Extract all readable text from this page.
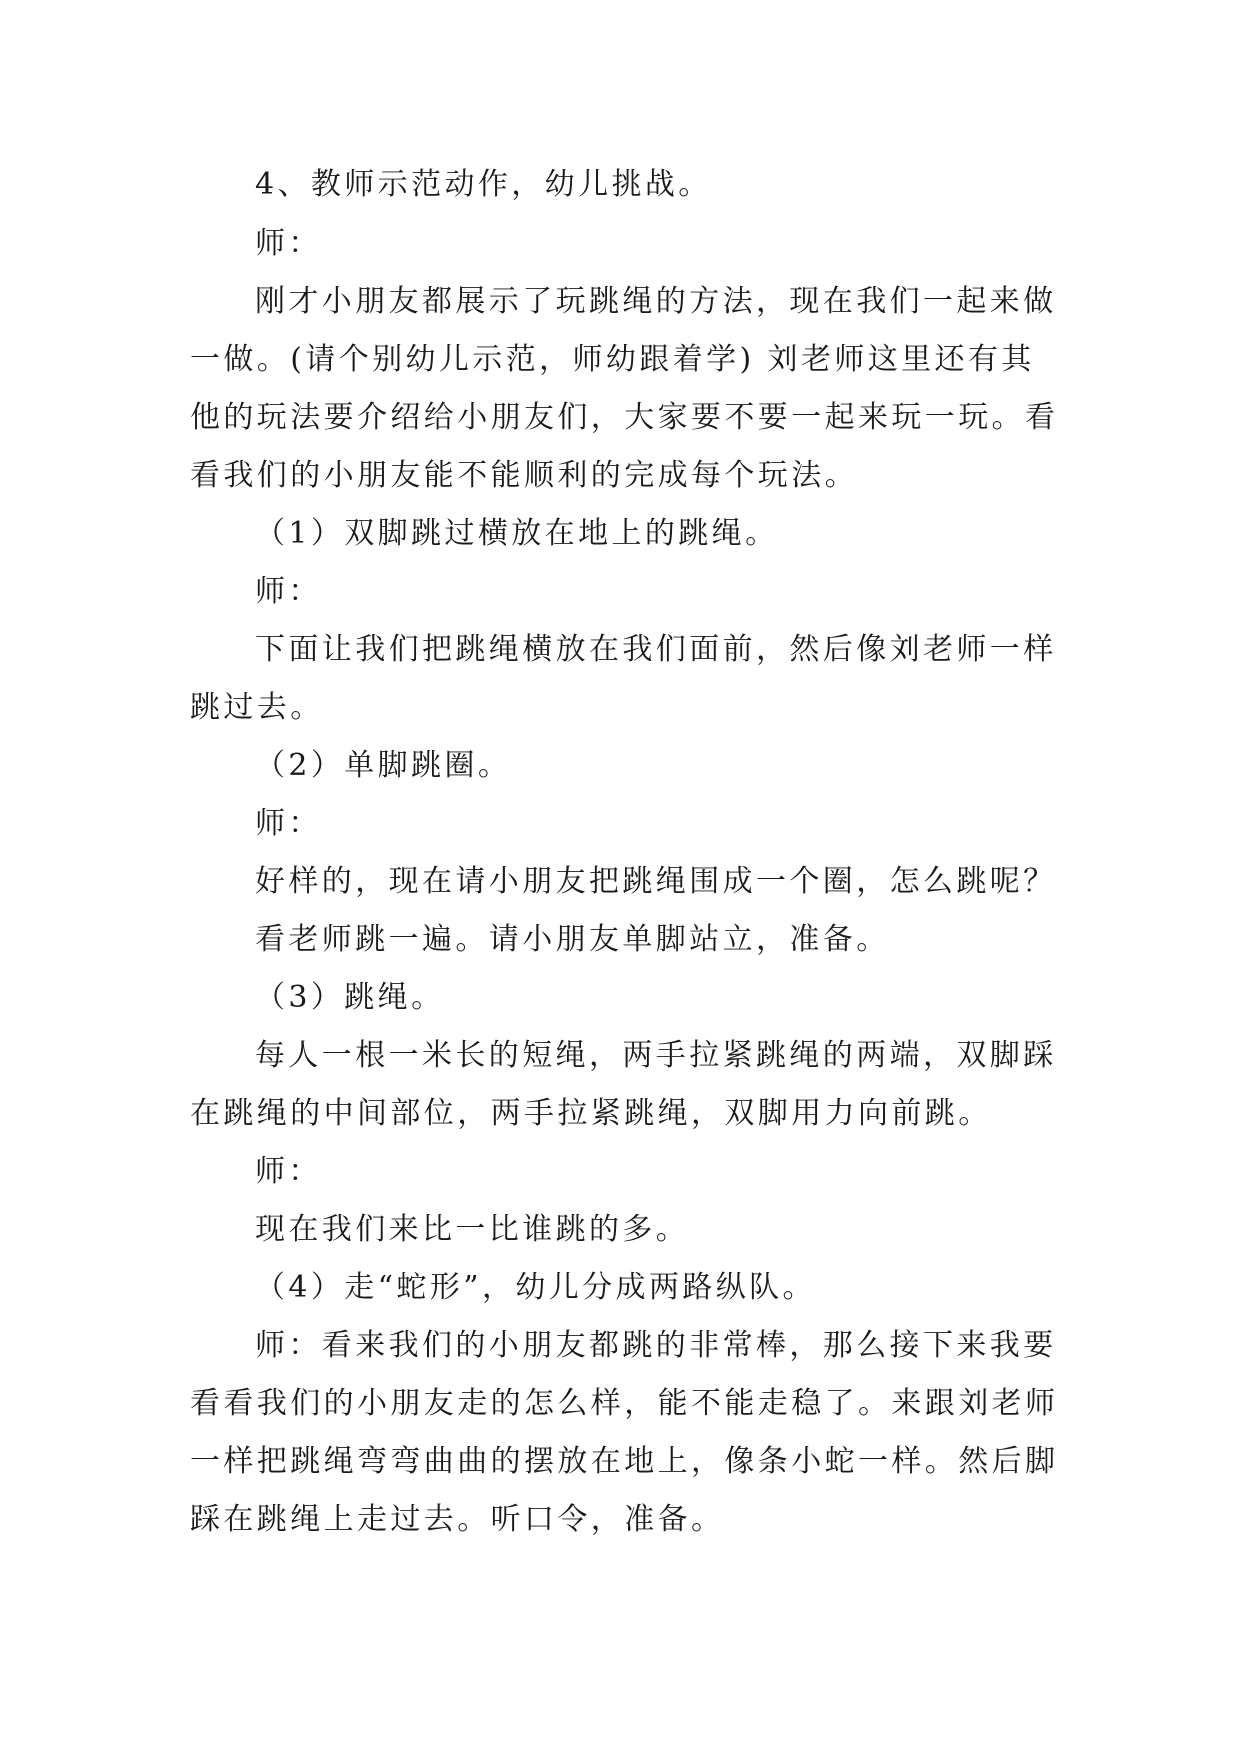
4、教师示范动作，幼儿挑战。
师：
刚才小朋友都展示了玩跳绳的方法，现在我们一起来做
一做。(请个别幼儿示范，师幼跟着学) 刘老师这里还有其
他的玩法要介绍给小朋友们，大家要不要一起来玩一玩。看
看我们的小朋友能不能顺利的完成每个玩法。
（1）双脚跳过横放在地上的跳绳。
师：
下面让我们把跳绳横放在我们面前，然后像刘老师一样
跳过去。
（2）单脚跳圈。
师：
好样的，现在请小朋友把跳绳围成一个圈，怎么跳呢？
看老师跳一遍。请小朋友单脚站立，准备。
（3）跳绳。
每人一根一米长的短绳，两手拉紧跳绳的两端，双脚踩
在跳绳的中间部位，两手拉紧跳绳，双脚用力向前跳。
师：
现在我们来比一比谁跳的多。
（4）走“蛇形”，幼儿分成两路纵队。
师：看来我们的小朋友都跳的非常棒，那么接下来我要
看看我们的小朋友走的怎么样，能不能走稳了。来跟刘老师
一样把跳绳弯弯曲曲的摆放在地上，像条小蛇一样。然后脚
踩在跳绳上走过去。听口令，准备。
